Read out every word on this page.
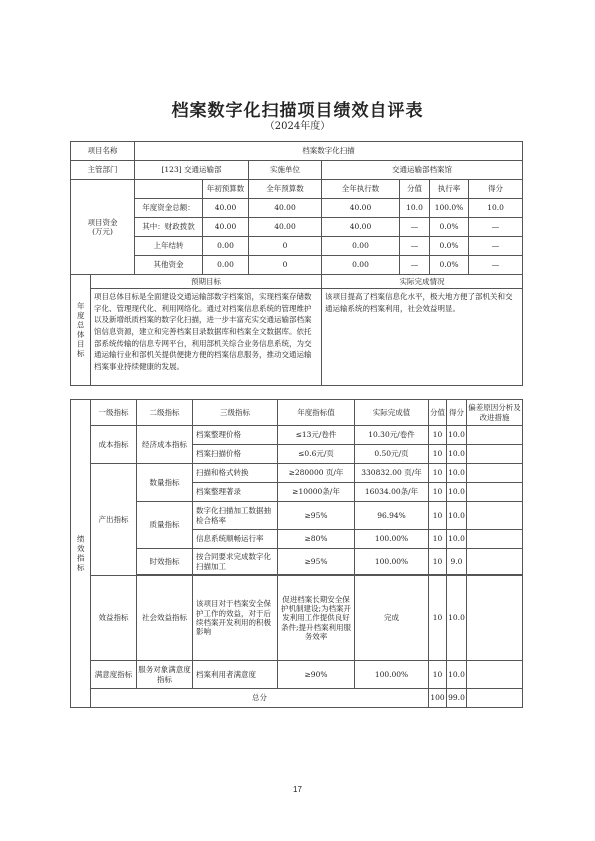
档案数字化扫描项目绩效自评表
（2024年度）
项目名称		档案数字化扫描						
主管部门		[123] 交通运输部		实施单位	交通运输部档案馆			
项目资金
(万元)			年初预算数	全年预算数	全年执行数	分值	执行率	得分
		年度资金总额：	40.00	40.00	40.00	10.0	100.0%	10.0
		其中：财政拨款	40.00	40.00	40.00	—	0.0%	—
		上年结转	0.00	0	0.00	—	0.0%	—
		其他资金	0.00	0	0.00	—	0.0%	—
年度总体目标	预期目标				实际完成情况			
	项目总体目标是全面建设交通运输部数字档案馆，实现档案存储数字化、管理现代化、利用网络化。通过对档案信息系统的管理维护以及新增纸质档案的数字化扫描，进一步丰富充实交通运输部档案馆信息资源，建立和完善档案目录数据库和档案全文数据库。依托部系统传输的信息专网平台，利用部机关综合业务信息系统，为交通运输行业和部机关提供便捷方便的档案信息服务，推动交通运输档案事业持续健康的发展。				该项目提高了档案信息化水平，极大地方便了部机关和交通运输系统的档案利用，社会效益明显。			
绩效指标	一级指标	二级指标	三级指标	年度指标值	实际完成值	分值	得分	偏差原因分析及改进措施
	成本指标	经济成本指标	档案整理价格	≤13元/卷件	10.30元/卷件	10	10.0	
			档案扫描价格	≤0.6元/页	0.50元/页	10	10.0	
	产出指标	数量指标	扫描和格式转换	≥280000 页/年	330832.00 页/年	10	10.0	
			档案整理著录	≥10000条/年	16034.00条/年	10	10.0	
		质量指标	数字化扫描加工数据抽检合格率	≥95%	96.94%	10	10.0	
			信息系统顺畅运行率	≥80%	100.00%	10	10.0	
		时效指标	按合同要求完成数字化扫描加工	≥95%	100.00%	10	9.0	

	效益指标	社会效益指标	该项目对于档案安全保护工作的效益，对于后续档案开发利用的积极影响	促进档案长期安全保护机制建设;为档案开发利用工作提供良好条件;提升档案利用服务效率	完成	10	10.0	
	满意度指标	服务对象满意度指标	档案利用者满意度	≥90%	100.00%	10	10.0	
	总分					100	99.0	
17
